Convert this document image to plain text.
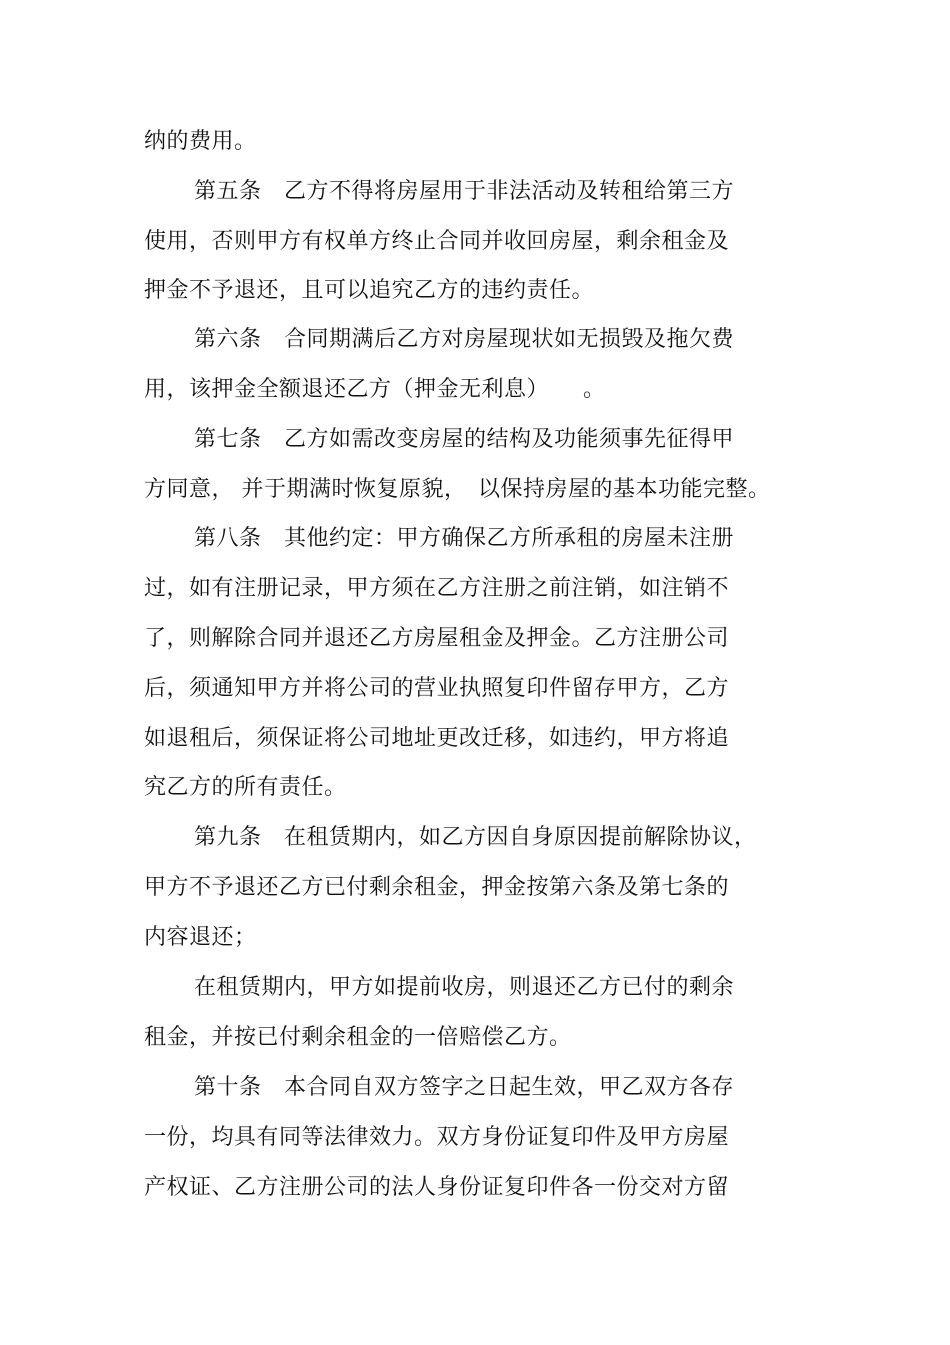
纳的费用。
第五条　乙方不得将房屋用于非法活动及转租给第三方
使用，否则甲方有权单方终止合同并收回房屋，剩余租金及
押金不予退还，且可以追究乙方的违约责任。
第六条　合同期满后乙方对房屋现状如无损毁及拖欠费
用，该押金全额退还乙方（押金无利息）　　。
第七条　乙方如需改变房屋的结构及功能须事先征得甲
方同意， 并于期满时恢复原貌，　以保持房屋的基本功能完整。
第八条　其他约定：甲方确保乙方所承租的房屋未注册
过，如有注册记录，甲方须在乙方注册之前注销，如注销不
了，则解除合同并退还乙方房屋租金及押金。乙方注册公司
后，须通知甲方并将公司的营业执照复印件留存甲方，乙方
如退租后，须保证将公司地址更改迁移，如违约，甲方将追
究乙方的所有责任。
第九条　在租赁期内，如乙方因自身原因提前解除协议，
甲方不予退还乙方已付剩余租金，押金按第六条及第七条的
内容退还；
在租赁期内，甲方如提前收房，则退还乙方已付的剩余
租金，并按已付剩余租金的一倍赔偿乙方。
第十条　本合同自双方签字之日起生效，甲乙双方各存
一份，均具有同等法律效力。双方身份证复印件及甲方房屋
产权证、乙方注册公司的法人身份证复印件各一份交对方留
